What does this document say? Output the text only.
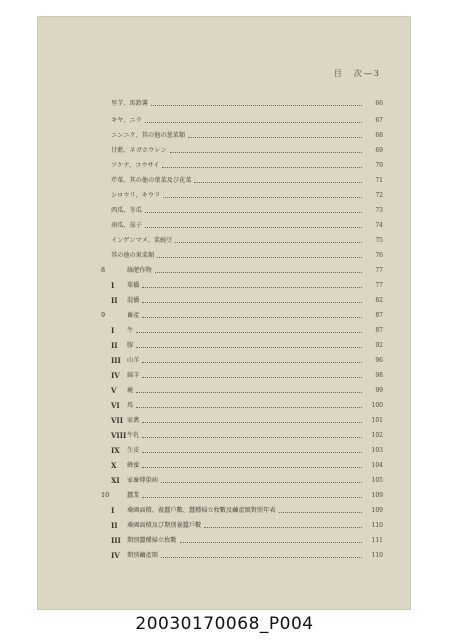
目　次―3
里芋、馬鈴薯	66
キヤ、ニラ	67
ニンニク、其の他の葱菜類	68
甘藍、ネガホウレン	69
ツケナ、コウサイ	70
芹菜、其の他の葉菜及び花菜	71
シロウリ、キウリ	72
西瓜、冬瓜	73
南瓜、茄子	74
インゲンマメ、菜豌豆	75
其の他の果菜類	76
8	綠肥作物	77
I	單播	77
II	混播	82
9	畜產	87
I	牛	87
II	豚	92
III 山羊	96
IV	綿羊	98
V	鹿	99
VI	馬	100
VII 家禽	101
VIII 牛乳	102
IX	生皮	103
X	蜂蜜	104
XI	家畜傳染病	105
10	蠶業	109
I	桑園面積、養蠶戶數、蠶種掃立枚數及繭產額對照年表	109
II	桑園面積及び期別養蠶戶數	110
III 期別蠶種掃立枚數	111
IV	期別繭產額	110
20030170068_P004
